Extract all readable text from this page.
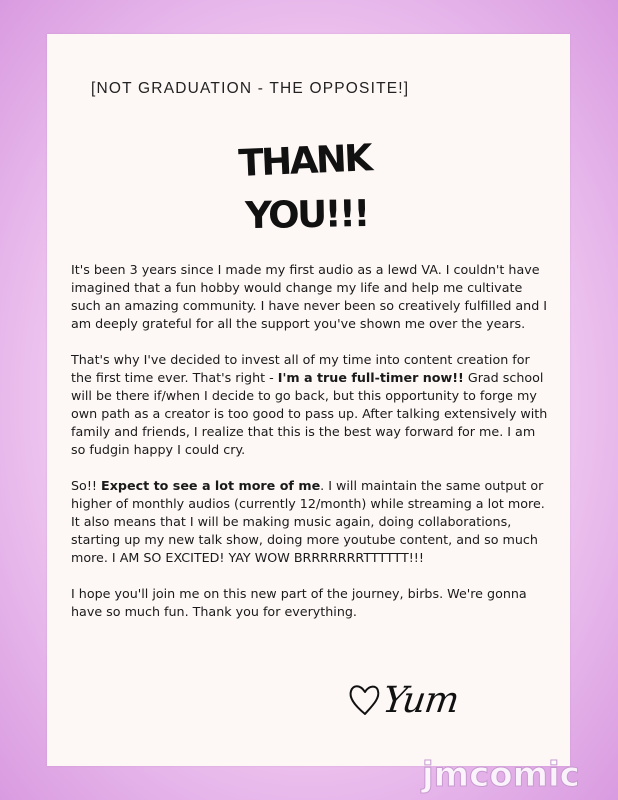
[NOT GRADUATION - THE OPPOSITE!]
THANK
YOU!!!

It's been 3 years since I made my first audio as a lewd VA. I couldn't have imagined that a fun hobby would change my life and help me cultivate such an amazing community. I have never been so creatively fulfilled and I am deeply grateful for all the support you've shown me over the years.

That's why I've decided to invest all of my time into content creation for the first time ever. That's right - I'm a true full-timer now!! Grad school will be there if/when I decide to go back, but this opportunity to forge my own path as a creator is too good to pass up. After talking extensively with family and friends, I realize that this is the best way forward for me. I am so fudgin happy I could cry.

So!! Expect to see a lot more of me. I will maintain the same output or higher of monthly audios (currently 12/month) while streaming a lot more. It also means that I will be making music again, doing collaborations, starting up my new talk show, doing more youtube content, and so much more. I AM SO EXCITED! YAY WOW BRRRRRRRTTTTTT!!!

I hope you'll join me on this new part of the journey, birbs. We're gonna have so much fun. Thank you for everything.

Yum
jmcomic
